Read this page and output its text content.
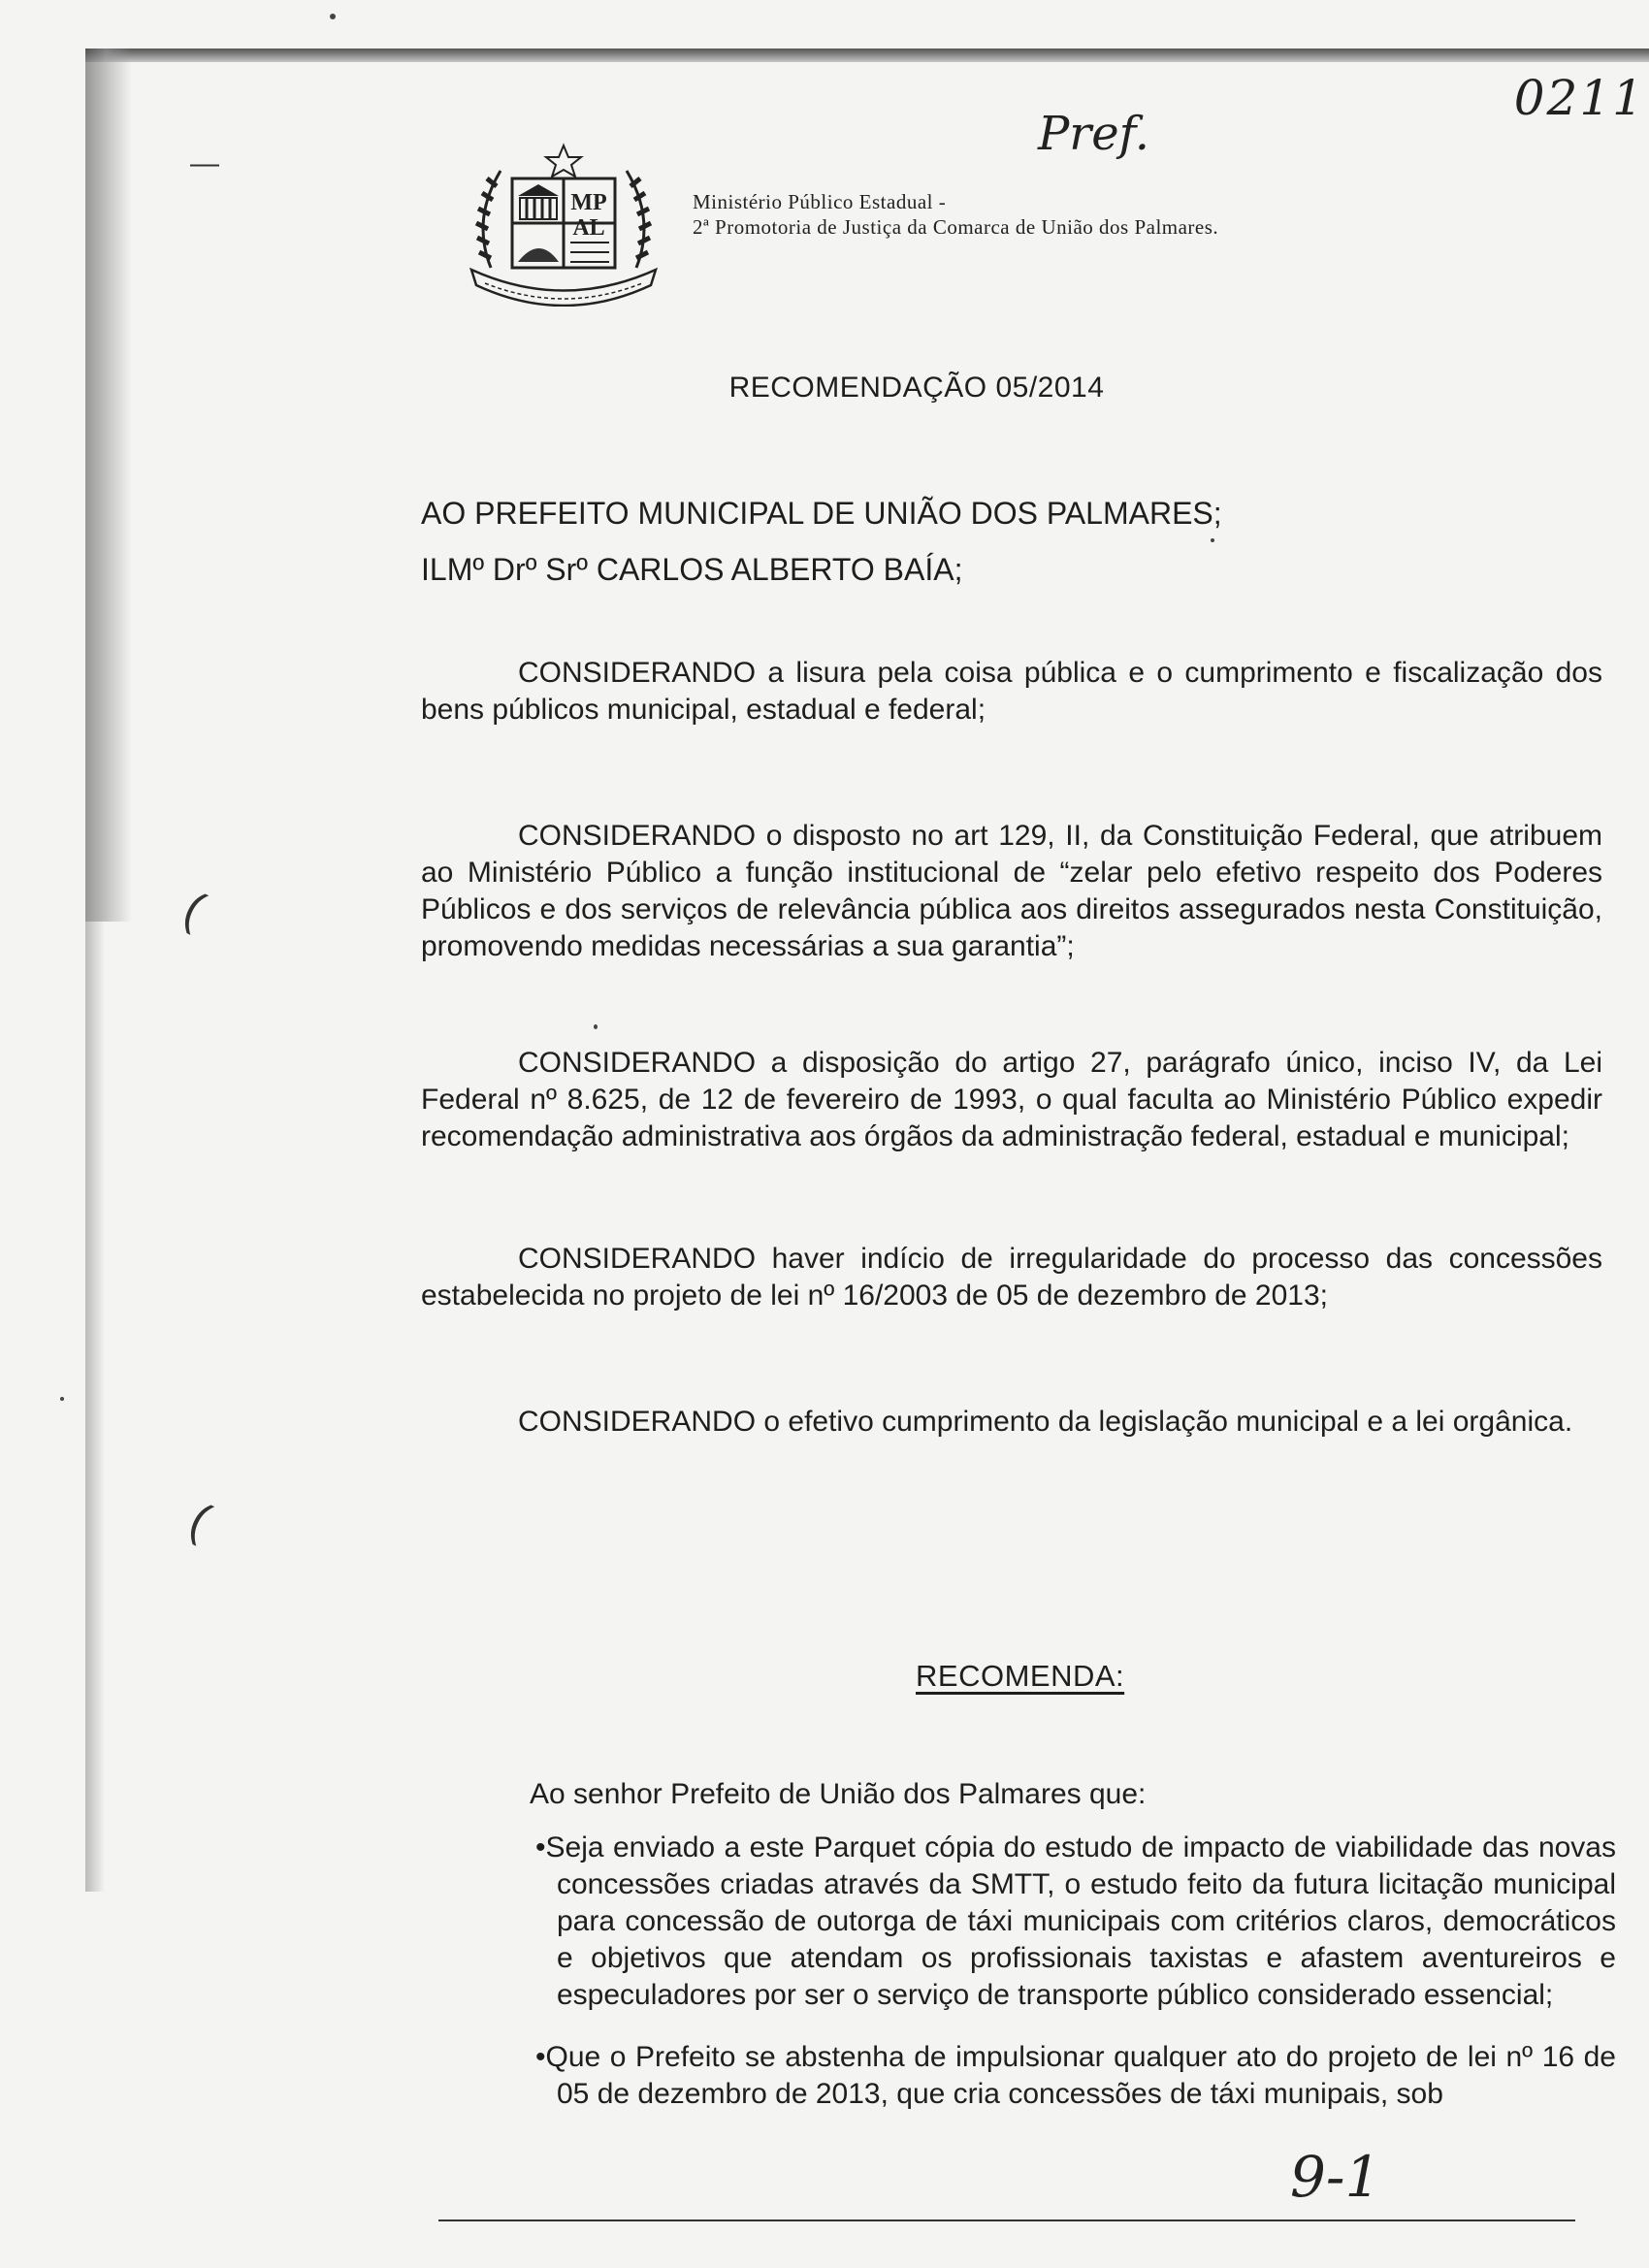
0211
Pref.
—
(
(
MP
AL
Ministério Público Estadual -
2ª Promotoria de Justiça da Comarca de União dos Palmares.
RECOMENDAÇÃO 05/2014
AO PREFEITO MUNICIPAL DE UNIÃO DOS PALMARES;
ILMº Drº Srº CARLOS ALBERTO BAÍA;

CONSIDERANDO a lisura pela coisa pública e o cumprimento e fiscalização dos bens públicos municipal, estadual e federal;

CONSIDERANDO o disposto no art 129, II, da Constituição Federal, que atribuem ao Ministério Público a função institucional de “zelar pelo efetivo respeito dos Poderes Públicos e dos serviços de relevância pública aos direitos assegurados nesta Constituição, promovendo medidas necessárias a sua garantia”;

CONSIDERANDO a disposição do artigo 27, parágrafo único, inciso IV, da Lei Federal nº 8.625, de 12 de fevereiro de 1993, o qual faculta ao Ministério Público expedir recomendação administrativa aos órgãos da administração federal, estadual e municipal;

CONSIDERANDO haver indício de irregularidade do processo das concessões estabelecida no projeto de lei nº 16/2003 de 05 de dezembro de 2013;

CONSIDERANDO o efetivo cumprimento da legislação municipal e a lei orgânica.

RECOMENDA:
Ao senhor Prefeito de União dos Palmares que:
•Seja enviado a este Parquet cópia do estudo de impacto de viabilidade das novas concessões criadas através da SMTT, o estudo feito da futura licitação municipal para concessão de outorga de táxi municipais com critérios claros, democráticos e objetivos que atendam os profissionais taxistas e afastem aventureiros e especuladores por ser o serviço de transporte público considerado essencial;
•Que o Prefeito se abstenha de impulsionar qualquer ato do projeto de lei nº 16 de 05 de dezembro de 2013, que cria concessões de táxi munipais, sob
9-1
